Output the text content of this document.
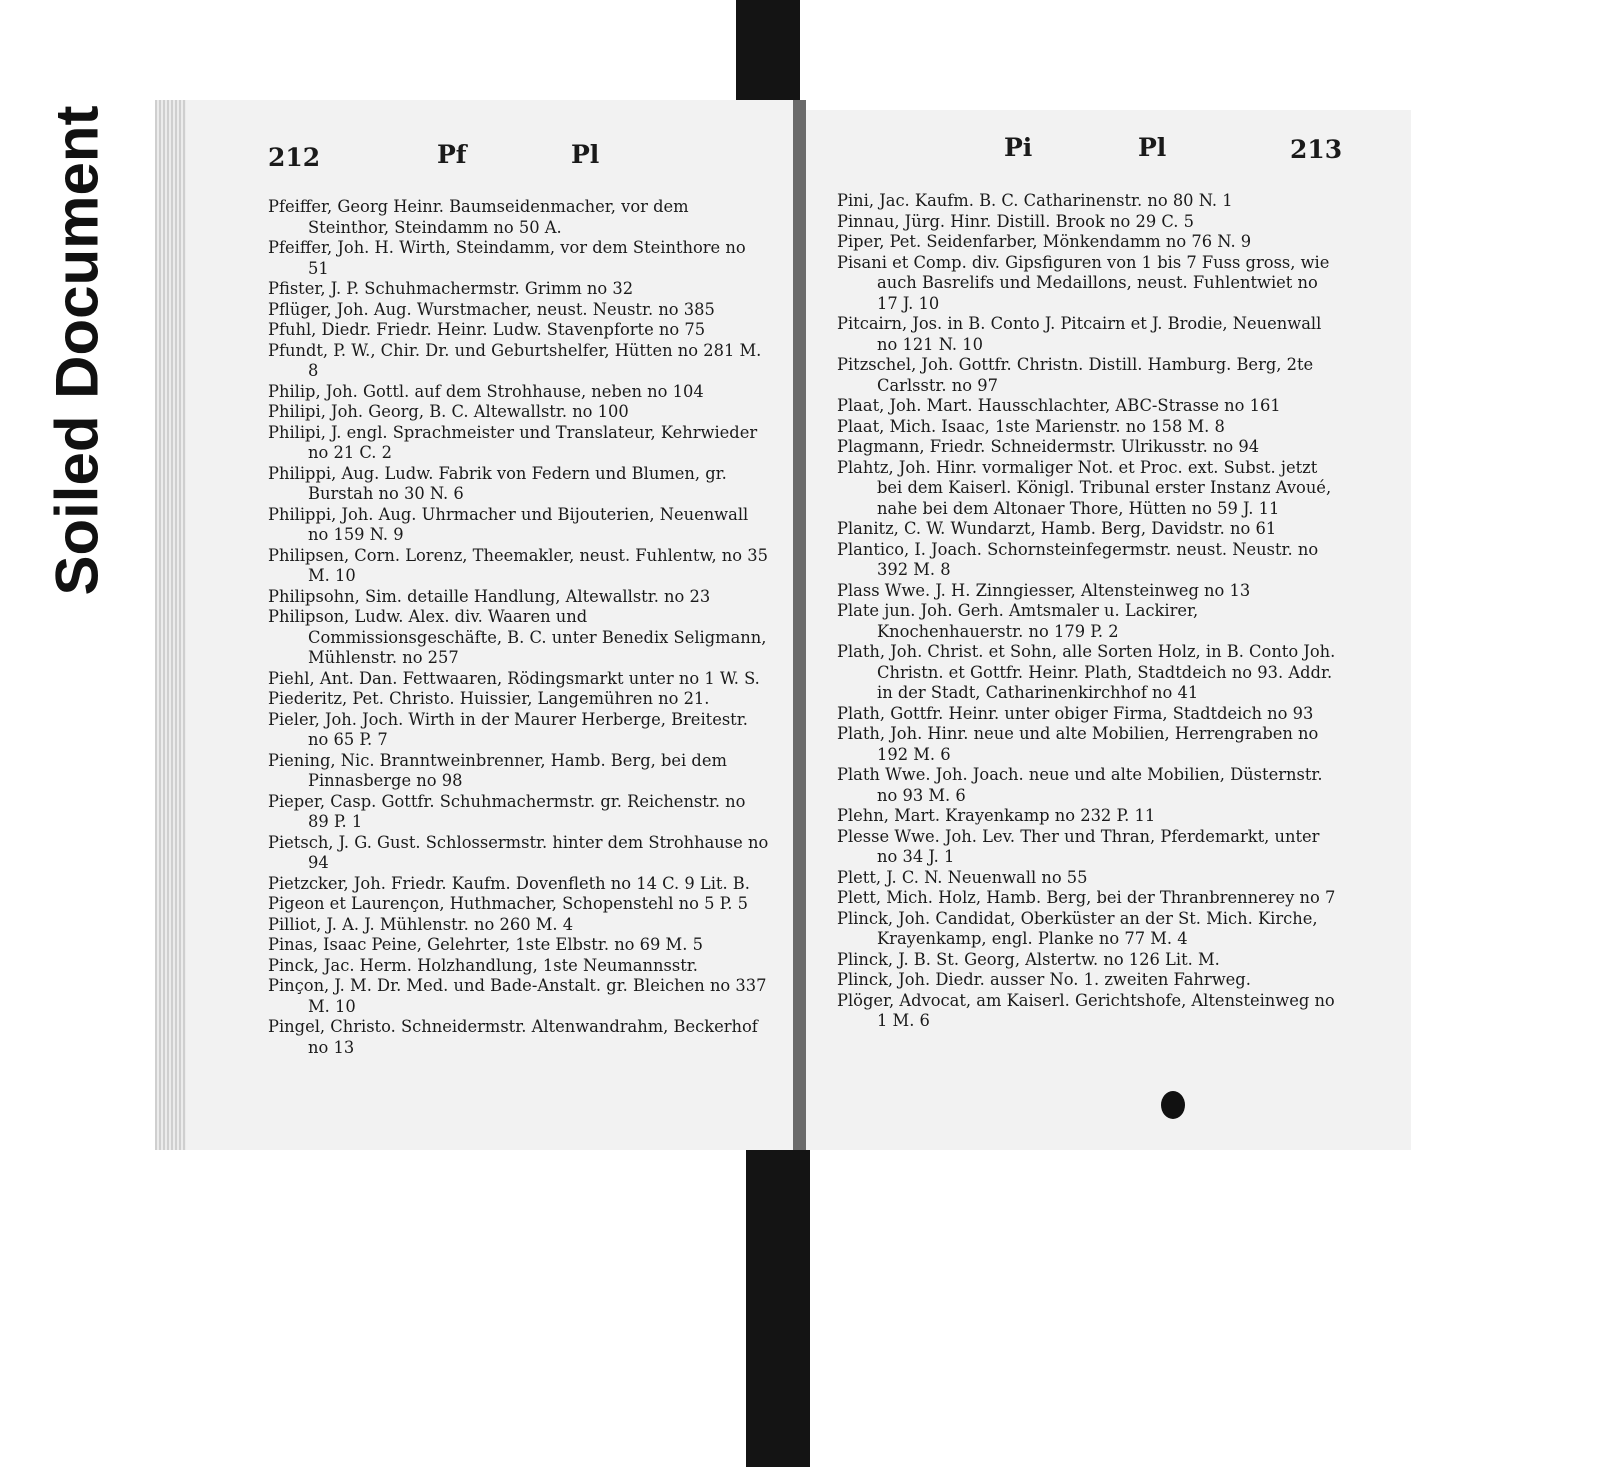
Soiled Document	212	Pf	Pl	Pi	Pl	213
Pfeiffer, Georg Heinr. Baumseidenmacher, vor dem Steinthor, Steindamm no 50 A.
Pfeiffer, Joh. H. Wirth, Steindamm, vor dem Steinthore no 51
Pfister, J. P. Schuhmachermstr. Grimm no 32
Pflüger, Joh. Aug. Wurstmacher, neust. Neustr. no 385
Pfuhl, Diedr. Friedr. Heinr. Ludw. Stavenpforte no 75
Pfundt, P. W., Chir. Dr. und Geburtshelfer, Hütten no 281 M. 8
Philip, Joh. Gottl. auf dem Strohhause, neben no 104
Philipi, Joh. Georg, B. C. Altewallstr. no 100
Philipi, J. engl. Sprachmeister und Translateur, Kehrwieder no 21 C. 2
Philippi, Aug. Ludw. Fabrik von Federn und Blumen, gr. Burstah no 30 N. 6
Philippi, Joh. Aug. Uhrmacher und Bijouterien, Neuenwall no 159 N. 9
Philipsen, Corn. Lorenz, Theemakler, neust. Fuhlentw, no 35 M. 10
Philipsohn, Sim. detaille Handlung, Altewallstr. no 23
Philipson, Ludw. Alex. div. Waaren und Commissionsgeschäfte, B. C. unter Benedix Seligmann, Mühlenstr. no 257
Piehl, Ant. Dan. Fettwaaren, Rödingsmarkt unter no 1 W. S.
Piederitz, Pet. Christo. Huissier, Langemühren no 21.
Pieler, Joh. Joch. Wirth in der Maurer Herberge, Breitestr. no 65 P. 7
Piening, Nic. Branntweinbrenner, Hamb. Berg, bei dem Pinnasberge no 98
Pieper, Casp. Gottfr. Schuhmachermstr. gr. Reichenstr. no 89 P. 1
Pietsch, J. G. Gust. Schlossermstr. hinter dem Strohhause no 94
Pietzcker, Joh. Friedr. Kaufm. Dovenfleth no 14 C. 9 Lit. B.
Pigeon et Laurençon, Huthmacher, Schopenstehl no 5 P. 5
Pilliot, J. A. J. Mühlenstr. no 260 M. 4
Pinas, Isaac Peine, Gelehrter, 1ste Elbstr. no 69 M. 5
Pinck, Jac. Herm. Holzhandlung, 1ste Neumannsstr.
Pinçon, J. M. Dr. Med. und Bade-Anstalt. gr. Bleichen no 337 M. 10
Pingel, Christo. Schneidermstr. Altenwandrahm, Beckerhof no 13
Pini, Jac. Kaufm. B. C. Catharinenstr. no 80 N. 1
Pinnau, Jürg. Hinr. Distill. Brook no 29 C. 5
Piper, Pet. Seidenfarber, Mönkendamm no 76 N. 9
Pisani et Comp. div. Gipsfiguren von 1 bis 7 Fuss gross, wie auch Basrelifs und Medaillons, neust. Fuhlentwiet no 17 J. 10
Pitcairn, Jos. in B. Conto J. Pitcairn et J. Brodie, Neuenwall no 121 N. 10
Pitzschel, Joh. Gottfr. Christn. Distill. Hamburg. Berg, 2te Carlsstr. no 97
Plaat, Joh. Mart. Hausschlachter, ABC-Strasse no 161
Plaat, Mich. Isaac, 1ste Marienstr. no 158 M. 8
Plagmann, Friedr. Schneidermstr. Ulrikusstr. no 94
Plahtz, Joh. Hinr. vormaliger Not. et Proc. ext. Subst. jetzt bei dem Kaiserl. Königl. Tribunal erster Instanz Avoué, nahe bei dem Altonaer Thore, Hütten no 59 J. 11
Planitz, C. W. Wundarzt, Hamb. Berg, Davidstr. no 61
Plantico, I. Joach. Schornsteinfegermstr. neust. Neustr. no 392 M. 8
Plass Wwe. J. H. Zinngiesser, Altensteinweg no 13
Plate jun. Joh. Gerh. Amtsmaler u. Lackirer, Knochenhauerstr. no 179 P. 2
Plath, Joh. Christ. et Sohn, alle Sorten Holz, in B. Conto Joh. Christn. et Gottfr. Heinr. Plath, Stadtdeich no 93. Addr. in der Stadt, Catharinenkirchhof no 41
Plath, Gottfr. Heinr. unter obiger Firma, Stadtdeich no 93
Plath, Joh. Hinr. neue und alte Mobilien, Herrengraben no 192 M. 6
Plath Wwe. Joh. Joach. neue und alte Mobilien, Düsternstr. no 93 M. 6
Plehn, Mart. Krayenkamp no 232 P. 11
Plesse Wwe. Joh. Lev. Ther und Thran, Pferdemarkt, unter no 34 J. 1
Plett, J. C. N. Neuenwall no 55
Plett, Mich. Holz, Hamb. Berg, bei der Thranbrennerey no 7
Plinck, Joh. Candidat, Oberküster an der St. Mich. Kirche, Krayenkamp, engl. Planke no 77 M. 4
Plinck, J. B. St. Georg, Alstertw. no 126 Lit. M.
Plinck, Joh. Diedr. ausser No. 1. zweiten Fahrweg.
Plöger, Advocat, am Kaiserl. Gerichtshofe, Altensteinweg no 1 M. 6
